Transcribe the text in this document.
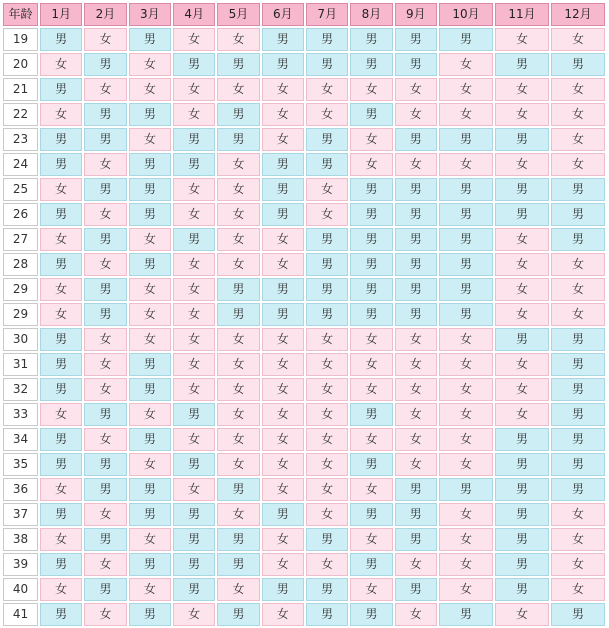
年龄	1月	2月	3月	4月	5月	6月	7月	8月	9月	10月	11月	12月
19	男	女	男	女	女	男	男	男	男	男	女	女
20	女	男	女	男	男	男	男	男	男	女	男	男
21	男	女	女	女	女	女	女	女	女	女	女	女
22	女	男	男	女	男	女	女	男	女	女	女	女
23	男	男	女	男	男	女	男	女	男	男	男	女
24	男	女	男	男	女	男	男	女	女	女	女	女
25	女	男	男	女	女	男	女	男	男	男	男	男
26	男	女	男	女	女	男	女	男	男	男	男	男
27	女	男	女	男	女	女	男	男	男	男	女	男
28	男	女	男	女	女	女	男	男	男	男	女	女
29	女	男	女	女	男	男	男	男	男	男	女	女
29	女	男	女	女	男	男	男	男	男	男	女	女
30	男	女	女	女	女	女	女	女	女	女	男	男
31	男	女	男	女	女	女	女	女	女	女	女	男
32	男	女	男	女	女	女	女	女	女	女	女	男
33	女	男	女	男	女	女	女	男	女	女	女	男
34	男	女	男	女	女	女	女	女	女	女	男	男
35	男	男	女	男	女	女	女	男	女	女	男	男
36	女	男	男	女	男	女	女	女	男	男	男	男
37	男	女	男	男	女	男	女	男	男	女	男	女
38	女	男	女	男	男	女	男	女	男	女	男	女
39	男	女	男	男	男	女	女	男	女	女	男	女
40	女	男	女	男	女	男	男	女	男	女	男	女
41	男	女	男	女	男	女	男	男	女	男	女	男
